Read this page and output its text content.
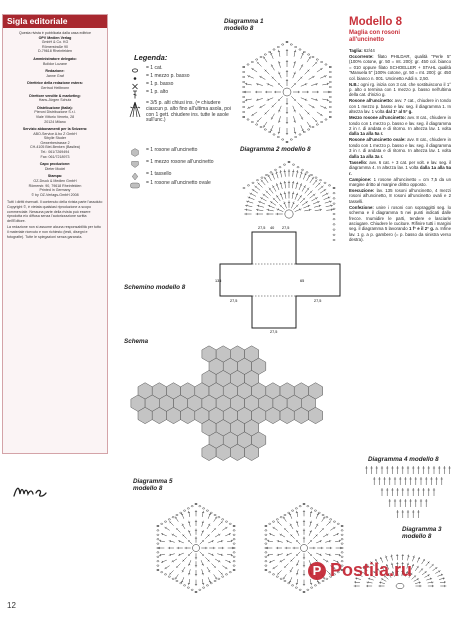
Sigla editoriale
Questa rivista è pubblicata dalla casa editrice
OPV Medien Verlag
GmbH & Co. KG
Römerstraße 90
D-79618 Rheinfelden
Amministratore delegato:
Bolidor Luzane
Redazione:
Janne Graf
Direttrice della redazione estera:
Gertrud Heilbronn
Direttore vendite & marketing:
Hans-Jürgen Schutz
Distribuzione (Italia):
Pieroni Distribuzione S.r.l.
Viale Vittorio Veneto, 28
20124 Milano
Servizio abbonamenti per la Svizzera:
ABO-Service A.bo Z GmbH
Sibylle Studer
Gewerbestrasse 2
CH-4105 Biel-Benken (Basilea)
Tel.: 061/7269494
Fax: 061/7218973
Capo produzione:
Dieter Model
Stampa:
OZ-Druck & Medien GmbH
Römerstr. 90, 79618 Rheinfelden
Printed in Germany
© by OZ-Verlags-GmbH 2008
Tutti i diritti riservati. Il contenuto della rivista parte l'assoluto Copyright ©, è vietata qualsiasi riproduzione a scopo commerciale. Nessuna parte della rivista può essere riprodotta e/o diffusa senza l'autorizzazione scritta dell'Editore.
La redazione non si assume alcuna responsabilità per tutto il materiale ricevuto e non richiesto (testi, disegni e fotografie). Tutte le spiegazioni senza garanzia.
Diagramma 1
modello 8
Diagramma 2 modello 8
Schemino modello 8
Schema
Diagramma 4 modello 8
Diagramma 5
modello 8
Diagramma 3
modello 8
Legenda:
= 1 cat.
= 1 mezzo p. basso
= 1 p. basso
= 1 p. alto
= 3/5 p. alti chiusi ins. (= chiudere ciascun p. alto fino all'ultima asola, poi con 1 gett. chiudere ins. tutte le asole sull'unc.)
= 1 rosone all'uncinetto
= 1 mezzo rosone all'uncinetto
= 1 tassello
= 1 rosone all'uncinetto ovale
27,5 40 27,5
135	65
27,5
27,5
27,5
Modello 8
Maglia con rosoni
all'uncinetto

Taglia: 62/44

Occorrente: filato PHILDAR, qualità "Perle 5" (100% cotone, gr. 50 = mt. 200): gr. 450 col. bianco = 010 oppure filato SCHOELLER + STAHL qualità "Manuela 5" (100% cotone, gr. 50 = mt. 200): gr. 450 col. bianco n. 001. Uncinetto Addi n. 2,50.

N.B.: ogni rg. inizia con 3 cat. che sostituiscono il 1° p. alto o termina con 1 mezzo p. basso nell'ultima della cat. d'inizio g.

Rosone all'uncinetto: avv. 7 cat., chiudere in tondo con 1 mezzo p. basso e lav. seg. il diagramma 1. In altezza lav. 1 volta dal 1° al 5° g.

Mezzo rosone all'uncinetto: avv. 8 cat., chiudere in tondo con 1 mezzo p. basso e lav. seg. il diagramma 2 in r. di andata e di ritorno. In altezza lav. 1 volta dalla 1a alla 5a r.

Rosone all'uncinetto ovale: avv. 8 cat., chiudere in tondo con 1 mezzo p. basso e lav. seg. il diagramma 3 in r. di andata e di ritorno. In altezza lav. 1 volta dalla 1a alla 3a r.

Tassello: avv. 6 cat. + 3 cat. per volt. e lav. seg. il diagramma 4. In altezza lav. 1 volta dalla 1a alla 5a r.

Campione: 1 rosone all'uncinetto = cm 7,5 da un margine dritto al margine diritto opposto.

Esecuzione: lav. 135 rosoni all'uncinetto, 4 mezzi rosoni all'uncinetto, 8 rosoni all'uncinetto ovali e 2 tasselli.

Confezione: unire i rosoni con sopraggitti seg. lo schema e il diagramma 5 nei punti indicati dalle frecce. Inumidire le parti, tendere e lasciarle asciugare. Chiudere le cuciture. Rifinire tutti i margini seg. il diagramma 5 lavorando 1 f° e il 2° g. a. Infine lav. 1 g. a p. gambero (= p. basso da sinistra verso destra).

12
P Postila.ru
